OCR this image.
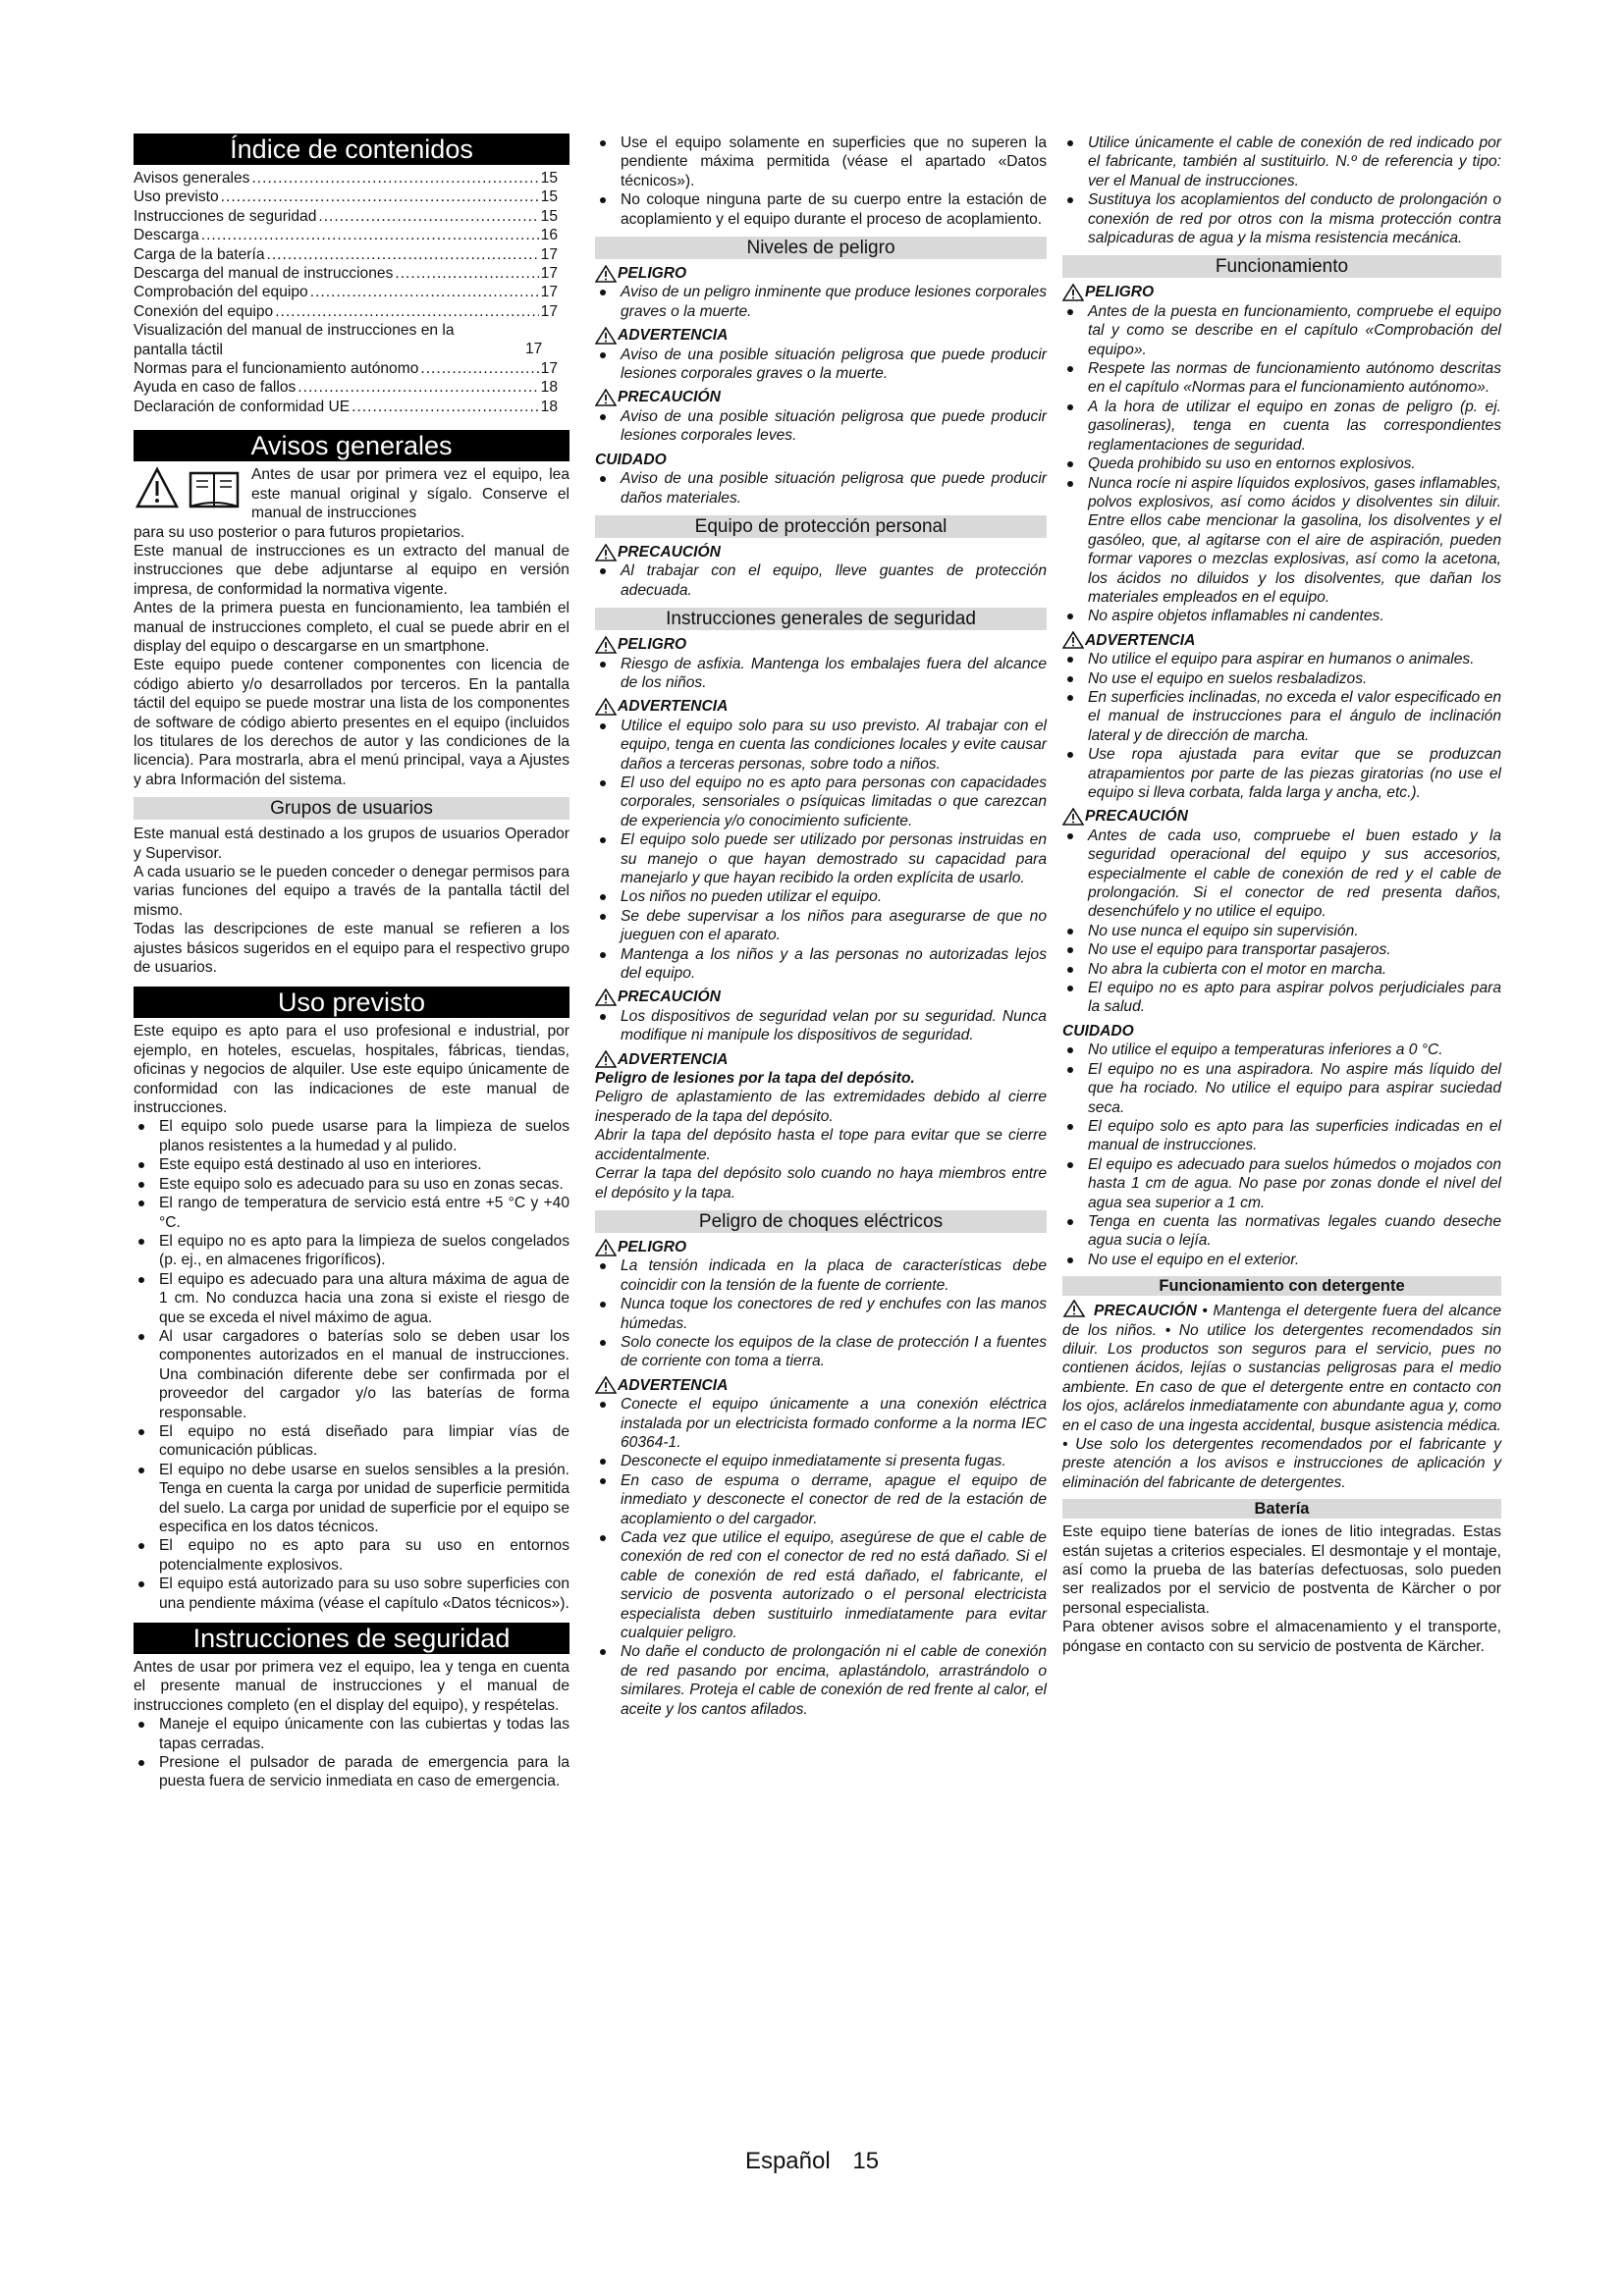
Índice de contenidos
Avisos generales .....	15
Uso previsto .....	15
Instrucciones de seguridad .....	15
Descarga .....	16
Carga de la batería .....	17
Descarga del manual de instrucciones .....	17
Comprobación del equipo .....	17
Conexión del equipo .....	17
Visualización del manual de instrucciones en la pantalla táctil	17
Normas para el funcionamiento autónomo .....	17
Ayuda en caso de fallos .....	18
Declaración de conformidad UE .....	18
Avisos generales

Antes de usar por primera vez el equipo, lea este manual original y sígalo. Conserve el manual de instrucciones

para su uso posterior o para futuros propietarios.

Este manual de instrucciones es un extracto del manual de instrucciones que debe adjuntarse al equipo en versión impresa, de conformidad la normativa vigente.

Antes de la primera puesta en funcionamiento, lea también el manual de instrucciones completo, el cual se puede abrir en el display del equipo o descargarse en un smartphone.

Este equipo puede contener componentes con licencia de código abierto y/o desarrollados por terceros. En la pantalla táctil del equipo se puede mostrar una lista de los componentes de software de código abierto presentes en el equipo (incluidos los titulares de los derechos de autor y las condiciones de la licencia). Para mostrarla, abra el menú principal, vaya a Ajustes y abra Información del sistema.

Grupos de usuarios

Este manual está destinado a los grupos de usuarios Operador y Supervisor.

A cada usuario se le pueden conceder o denegar permisos para varias funciones del equipo a través de la pantalla táctil del mismo.

Todas las descripciones de este manual se refieren a los ajustes básicos sugeridos en el equipo para el respectivo grupo de usuarios.

Uso previsto

Este equipo es apto para el uso profesional e industrial, por ejemplo, en hoteles, escuelas, hospitales, fábricas, tiendas, oficinas y negocios de alquiler. Use este equipo únicamente de conformidad con las indicaciones de este manual de instrucciones.

El equipo solo puede usarse para la limpieza de suelos planos resistentes a la humedad y al pulido.
Este equipo está destinado al uso en interiores.
Este equipo solo es adecuado para su uso en zonas secas.
El rango de temperatura de servicio está entre +5 °C y +40 °C.
El equipo no es apto para la limpieza de suelos congelados (p. ej., en almacenes frigoríficos).
El equipo es adecuado para una altura máxima de agua de 1 cm. No conduzca hacia una zona si existe el riesgo de que se exceda el nivel máximo de agua.
Al usar cargadores o baterías solo se deben usar los componentes autorizados en el manual de instrucciones. Una combinación diferente debe ser confirmada por el proveedor del cargador y/o las baterías de forma responsable.
El equipo no está diseñado para limpiar vías de comunicación públicas.
El equipo no debe usarse en suelos sensibles a la presión. Tenga en cuenta la carga por unidad de superficie permitida del suelo. La carga por unidad de superficie por el equipo se especifica en los datos técnicos.
El equipo no es apto para su uso en entornos potencialmente explosivos.
El equipo está autorizado para su uso sobre superficies con una pendiente máxima (véase el capítulo «Datos técnicos»).
Instrucciones de seguridad

Antes de usar por primera vez el equipo, lea y tenga en cuenta el presente manual de instrucciones y el manual de instrucciones completo (en el display del equipo), y respételas.

Maneje el equipo únicamente con las cubiertas y todas las tapas cerradas.
Presione el pulsador de parada de emergencia para la puesta fuera de servicio inmediata en caso de emergencia.
Use el equipo solamente en superficies que no superen la pendiente máxima permitida (véase el apartado «Datos técnicos»).
No coloque ninguna parte de su cuerpo entre la estación de acoplamiento y el equipo durante el proceso de acoplamiento.
Niveles de peligro
PELIGRO
Aviso de un peligro inminente que produce lesiones corporales graves o la muerte.
ADVERTENCIA
Aviso de una posible situación peligrosa que puede producir lesiones corporales graves o la muerte.
PRECAUCIÓN
Aviso de una posible situación peligrosa que puede producir lesiones corporales leves.
CUIDADO
Aviso de una posible situación peligrosa que puede producir daños materiales.
Equipo de protección personal
PRECAUCIÓN
Al trabajar con el equipo, lleve guantes de protección adecuada.
Instrucciones generales de seguridad
PELIGRO
Riesgo de asfixia. Mantenga los embalajes fuera del alcance de los niños.
ADVERTENCIA
Utilice el equipo solo para su uso previsto. Al trabajar con el equipo, tenga en cuenta las condiciones locales y evite causar daños a terceras personas, sobre todo a niños.
El uso del equipo no es apto para personas con capacidades corporales, sensoriales o psíquicas limitadas o que carezcan de experiencia y/o conocimiento suficiente.
El equipo solo puede ser utilizado por personas instruidas en su manejo o que hayan demostrado su capacidad para manejarlo y que hayan recibido la orden explícita de usarlo.
Los niños no pueden utilizar el equipo.
Se debe supervisar a los niños para asegurarse de que no jueguen con el aparato.
Mantenga a los niños y a las personas no autorizadas lejos del equipo.
PRECAUCIÓN
Los dispositivos de seguridad velan por su seguridad. Nunca modifique ni manipule los dispositivos de seguridad.
ADVERTENCIA

Peligro de lesiones por la tapa del depósito.

Peligro de aplastamiento de las extremidades debido al cierre inesperado de la tapa del depósito.

Abrir la tapa del depósito hasta el tope para evitar que se cierre accidentalmente.

Cerrar la tapa del depósito solo cuando no haya miembros entre el depósito y la tapa.

Peligro de choques eléctricos
PELIGRO
La tensión indicada en la placa de características debe coincidir con la tensión de la fuente de corriente.
Nunca toque los conectores de red y enchufes con las manos húmedas.
Solo conecte los equipos de la clase de protección I a fuentes de corriente con toma a tierra.
ADVERTENCIA
Conecte el equipo únicamente a una conexión eléctrica instalada por un electricista formado conforme a la norma IEC 60364-1.
Desconecte el equipo inmediatamente si presenta fugas.
En caso de espuma o derrame, apague el equipo de inmediato y desconecte el conector de red de la estación de acoplamiento o del cargador.
Cada vez que utilice el equipo, asegúrese de que el cable de conexión de red con el conector de red no está dañado. Si el cable de conexión de red está dañado, el fabricante, el servicio de posventa autorizado o el personal electricista especialista deben sustituirlo inmediatamente para evitar cualquier peligro.
No dañe el conducto de prolongación ni el cable de conexión de red pasando por encima, aplastándolo, arrastrándolo o similares. Proteja el cable de conexión de red frente al calor, el aceite y los cantos afilados.
Utilice únicamente el cable de conexión de red indicado por el fabricante, también al sustituirlo. N.º de referencia y tipo: ver el Manual de instrucciones.
Sustituya los acoplamientos del conducto de prolongación o conexión de red por otros con la misma protección contra salpicaduras de agua y la misma resistencia mecánica.
Funcionamiento
PELIGRO
Antes de la puesta en funcionamiento, compruebe el equipo tal y como se describe en el capítulo «Comprobación del equipo».
Respete las normas de funcionamiento autónomo descritas en el capítulo «Normas para el funcionamiento autónomo».
A la hora de utilizar el equipo en zonas de peligro (p. ej. gasolineras), tenga en cuenta las correspondientes reglamentaciones de seguridad.
Queda prohibido su uso en entornos explosivos.
Nunca rocíe ni aspire líquidos explosivos, gases inflamables, polvos explosivos, así como ácidos y disolventes sin diluir. Entre ellos cabe mencionar la gasolina, los disolventes y el gasóleo, que, al agitarse con el aire de aspiración, pueden formar vapores o mezclas explosivas, así como la acetona, los ácidos no diluidos y los disolventes, que dañan los materiales empleados en el equipo.
No aspire objetos inflamables ni candentes.
ADVERTENCIA
No utilice el equipo para aspirar en humanos o animales.
No use el equipo en suelos resbaladizos.
En superficies inclinadas, no exceda el valor especificado en el manual de instrucciones para el ángulo de inclinación lateral y de dirección de marcha.
Use ropa ajustada para evitar que se produzcan atrapamientos por parte de las piezas giratorias (no use el equipo si lleva corbata, falda larga y ancha, etc.).
PRECAUCIÓN
Antes de cada uso, compruebe el buen estado y la seguridad operacional del equipo y sus accesorios, especialmente el cable de conexión de red y el cable de prolongación. Si el conector de red presenta daños, desenchúfelo y no utilice el equipo.
No use nunca el equipo sin supervisión.
No use el equipo para transportar pasajeros.
No abra la cubierta con el motor en marcha.
El equipo no es apto para aspirar polvos perjudiciales para la salud.
CUIDADO
No utilice el equipo a temperaturas inferiores a 0 °C.
El equipo no es una aspiradora. No aspire más líquido del que ha rociado. No utilice el equipo para aspirar suciedad seca.
El equipo solo es apto para las superficies indicadas en el manual de instrucciones.
El equipo es adecuado para suelos húmedos o mojados con hasta 1 cm de agua. No pase por zonas donde el nivel del agua sea superior a 1 cm.
Tenga en cuenta las normativas legales cuando deseche agua sucia o lejía.
No use el equipo en el exterior.
Funcionamiento con detergente

PRECAUCIÓN • Mantenga el detergente fuera del alcance de los niños. • No utilice los detergentes recomendados sin diluir. Los productos son seguros para el servicio, pues no contienen ácidos, lejías o sustancias peligrosas para el medio ambiente. En caso de que el detergente entre en contacto con los ojos, aclárelos inmediatamente con abundante agua y, como en el caso de una ingesta accidental, busque asistencia médica. • Use solo los detergentes recomendados por el fabricante y preste atención a los avisos e instrucciones de aplicación y eliminación del fabricante de detergentes.

Batería

Este equipo tiene baterías de iones de litio integradas. Estas están sujetas a criterios especiales. El desmontaje y el montaje, así como la prueba de las baterías defectuosas, solo pueden ser realizados por el servicio de postventa de Kärcher o por personal especialista.

Para obtener avisos sobre el almacenamiento y el transporte, póngase en contacto con su servicio de postventa de Kärcher.

Español 15
